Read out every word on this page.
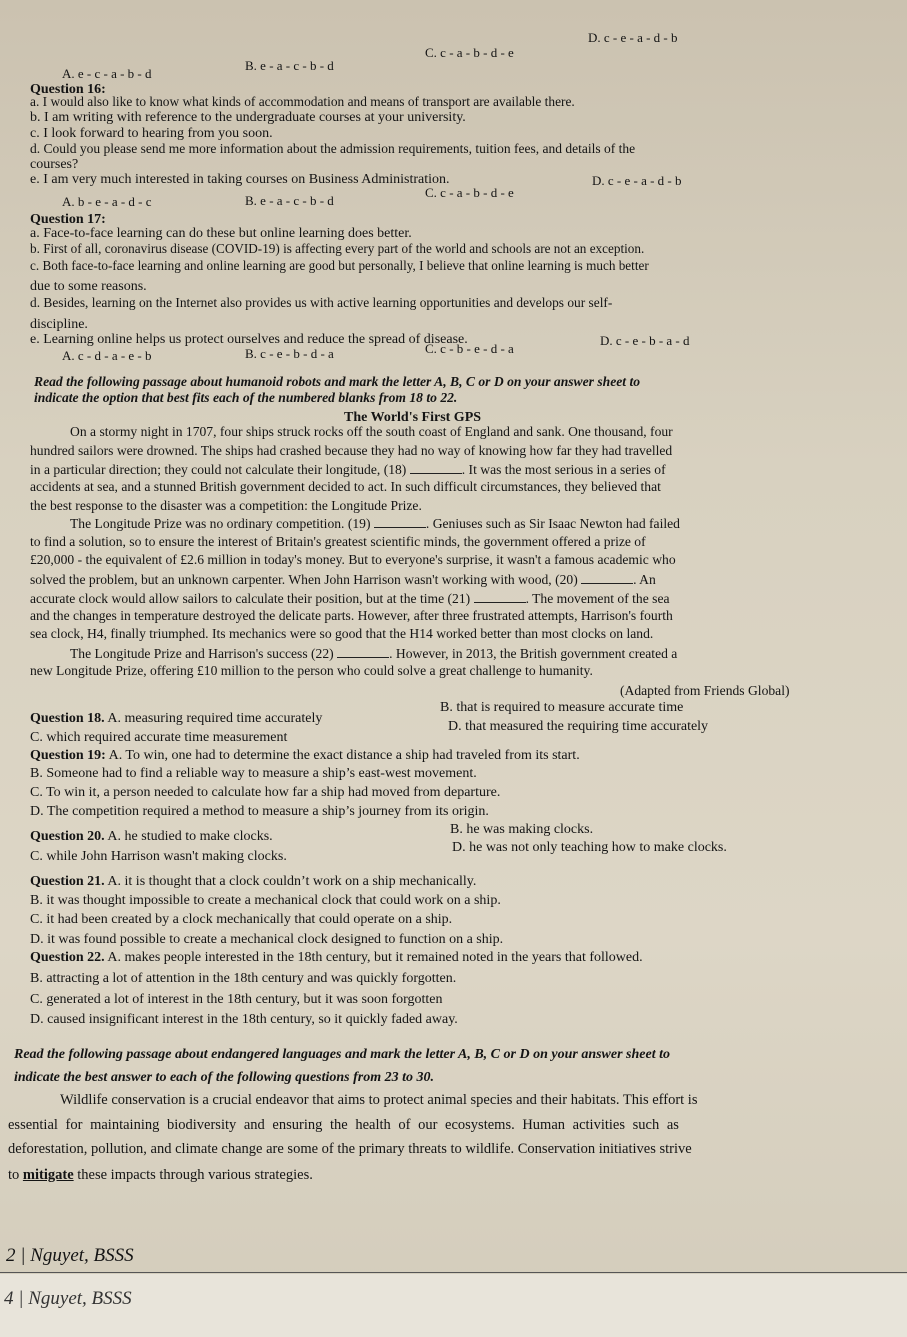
A. e - c - a - b - d
B. e - a - c - b - d
C. c - a - b - d - e
D. c - e - a - d - b
Question 16:
a. I would also like to know what kinds of accommodation and means of transport are available there.
b. I am writing with reference to the undergraduate courses at your university.
c. I look forward to hearing from you soon.
d. Could you please send me more information about the admission requirements, tuition fees, and details of the
courses?
e. I am very much interested in taking courses on Business Administration.
A. b - e - a - d - c	B. e - a - c - b - d
C. c - a - b - d - e
D. c - e - a - d - b
Question 17:
a. Face-to-face learning can do these but online learning does better.
b. First of all, coronavirus disease (COVID-19) is affecting every part of the world and schools are not an exception.
c. Both face-to-face learning and online learning are good but personally, I believe that online learning is much better
due to some reasons.
d. Besides, learning on the Internet also provides us with active learning opportunities and develops our self-
discipline.
e. Learning online helps us protect ourselves and reduce the spread of disease.
A. c - d - a - e - b	B. c - e - b - d - a	C. c - b - e - d - a
D. c - e - b - a - d
Read the following passage about humanoid robots and mark the letter A, B, C or D on your answer sheet to
indicate the option that best fits each of the numbered blanks from 18 to 22.
The World's First GPS
On a stormy night in 1707, four ships struck rocks off the south coast of England and sank. One thousand, four
hundred sailors were drowned. The ships had crashed because they had no way of knowing how far they had travelled
in a particular direction; they could not calculate their longitude, (18)	. It was the most serious in a series of
accidents at sea, and a stunned British government decided to act. In such difficult circumstances, they believed that
the best response to the disaster was a competition: the Longitude Prize.
The Longitude Prize was no ordinary competition. (19)	. Geniuses such as Sir Isaac Newton had failed
to find a solution, so to ensure the interest of Britain's greatest scientific minds, the government offered a prize of
£20,000 - the equivalent of £2.6 million in today's money. But to everyone's surprise, it wasn't a famous academic who
solved the problem, but an unknown carpenter. When John Harrison wasn't working with wood, (20)	. An
accurate clock would allow sailors to calculate their position, but at the time (21)	. The movement of the sea
and the changes in temperature destroyed the delicate parts. However, after three frustrated attempts, Harrison's fourth
sea clock, H4, finally triumphed. Its mechanics were so good that the H14 worked better than most clocks on land.
The Longitude Prize and Harrison's success (22)	. However, in 2013, the British government created a
new Longitude Prize, offering £10 million to the person who could solve a great challenge to humanity.
(Adapted from Friends Global)
Question 18. A. measuring required time accurately
B. that is required to measure accurate time
C. which required accurate time measurement
D. that measured the requiring time accurately
Question 19: A. To win, one had to determine the exact distance a ship had traveled from its start.
B. Someone had to find a reliable way to measure a ship’s east-west movement.
C. To win it, a person needed to calculate how far a ship had moved from departure.
D. The competition required a method to measure a ship’s journey from its origin.
Question 20. A. he studied to make clocks.	B. he was making clocks.
C. while John Harrison wasn't making clocks.
D. he was not only teaching how to make clocks.
Question 21. A. it is thought that a clock couldn’t work on a ship mechanically.
B. it was thought impossible to create a mechanical clock that could work on a ship.
C. it had been created by a clock mechanically that could operate on a ship.
D. it was found possible to create a mechanical clock designed to function on a ship.
Question 22. A. makes people interested in the 18th century, but it remained noted in the years that followed.
B. attracting a lot of attention in the 18th century and was quickly forgotten.
C. generated a lot of interest in the 18th century, but it was soon forgotten
D. caused insignificant interest in the 18th century, so it quickly faded away.
Read the following passage about endangered languages and mark the letter A, B, C or D on your answer sheet to
indicate the best answer to each of the following questions from 23 to 30.
Wildlife conservation is a crucial endeavor that aims to protect animal species and their habitats. This effort is
essential for maintaining biodiversity and ensuring the health of our ecosystems. Human activities such as
deforestation, pollution, and climate change are some of the primary threats to wildlife. Conservation initiatives strive
to mitigate these impacts through various strategies.
2 | Nguyet, BSSS
4 | Nguyet, BSSS
